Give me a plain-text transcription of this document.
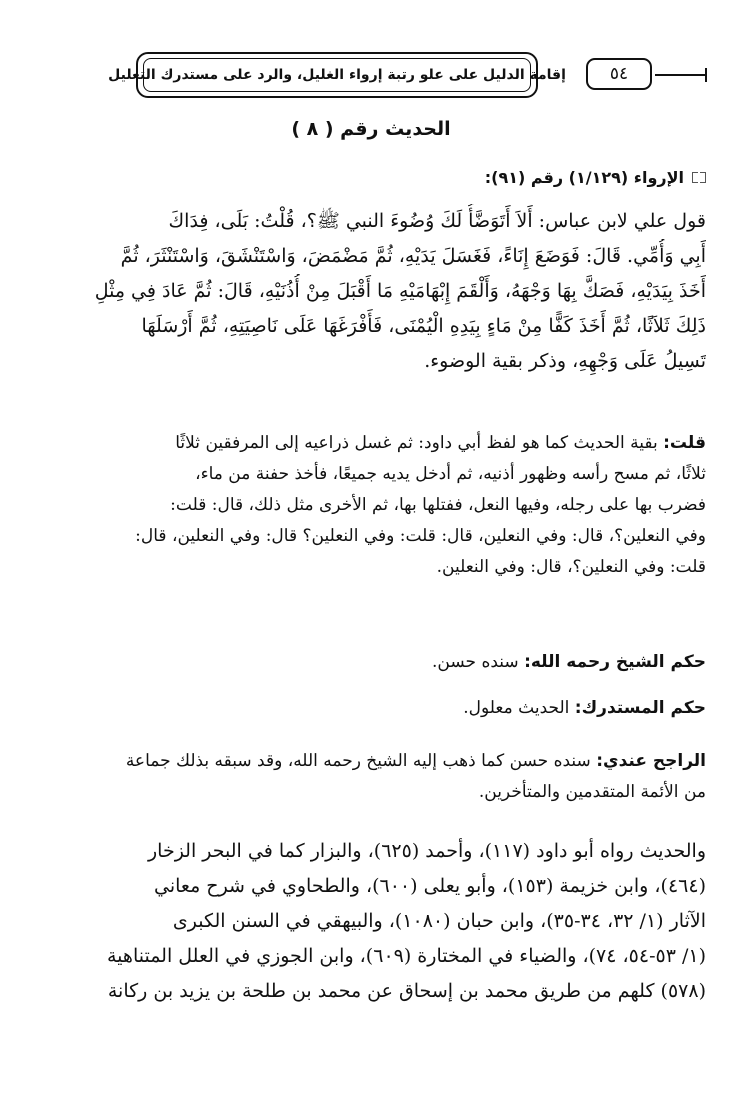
٥٤
إقامة الدليل على علو رتبة إرواء الغليل، والرد على مستدرك التعليل
الحديث رقم ( ٨ )
الإرواء (١/١٢٩) رقم (٩١):
قول علي لابن عباس: أَلاَ أَتَوَضَّأُ لَكَ وُضُوءَ النبي ﷺ؟، قُلْتُ: بَلَى، فِدَاكَ
أَبِي وَأُمِّي. قَالَ: فَوَضَعَ إِنَاءً، فَغَسَلَ يَدَيْهِ، ثُمَّ مَضْمَضَ، وَاسْتَنْشَقَ، وَاسْتَنْثَرَ، ثُمَّ
أَخَذَ بِيَدَيْهِ، فَصَكَّ بِهَا وَجْهَهُ، وَأَلْقَمَ إِبْهَامَيْهِ مَا أَقْبَلَ مِنْ أُذُنَيْهِ، قَالَ: ثُمَّ عَادَ فِي مِثْلِ
ذَلِكَ ثَلاَثًا، ثُمَّ أَخَذَ كَفًّا مِنْ مَاءٍ بِيَدِهِ الْيُمْنَى، فَأَفْرَغَهَا عَلَى نَاصِيَتِهِ، ثُمَّ أَرْسَلَهَا
تَسِيلُ عَلَى وَجْهِهِ، وذكر بقية الوضوء.
قلت: بقية الحديث كما هو لفظ أبي داود: ثم غسل ذراعيه إلى المرفقين ثلاثًا
ثلاثًا، ثم مسح رأسه وظهور أذنيه، ثم أدخل يديه جميعًا، فأخذ حفنة من ماء،
فضرب بها على رجله، وفيها النعل، ففتلها بها، ثم الأخرى مثل ذلك، قال: قلت:
وفي النعلين؟، قال: وفي النعلين، قال: قلت: وفي النعلين؟ قال: وفي النعلين، قال:
قلت: وفي النعلين؟، قال: وفي النعلين.
حكم الشيخ رحمه الله: سنده حسن.
حكم المستدرك: الحديث معلول.
الراجح عندي: سنده حسن كما ذهب إليه الشيخ رحمه الله، وقد سبقه بذلك جماعة
من الأئمة المتقدمين والمتأخرين.
والحديث رواه أبو داود (١١٧)، وأحمد (٦٢٥)، والبزار كما في البحر الزخار
(٤٦٤)، وابن خزيمة (١٥٣)، وأبو يعلى (٦٠٠)، والطحاوي في شرح معاني
الآثار (١/ ٣٢، ٣٤-٣٥)، وابن حبان (١٠٨٠)، والبيهقي في السنن الكبرى
(١/ ٥٣-٥٤، ٧٤)، والضياء في المختارة (٦٠٩)، وابن الجوزي في العلل المتناهية
(٥٧٨) كلهم من طريق محمد بن إسحاق عن محمد بن طلحة بن يزيد بن ركانة
